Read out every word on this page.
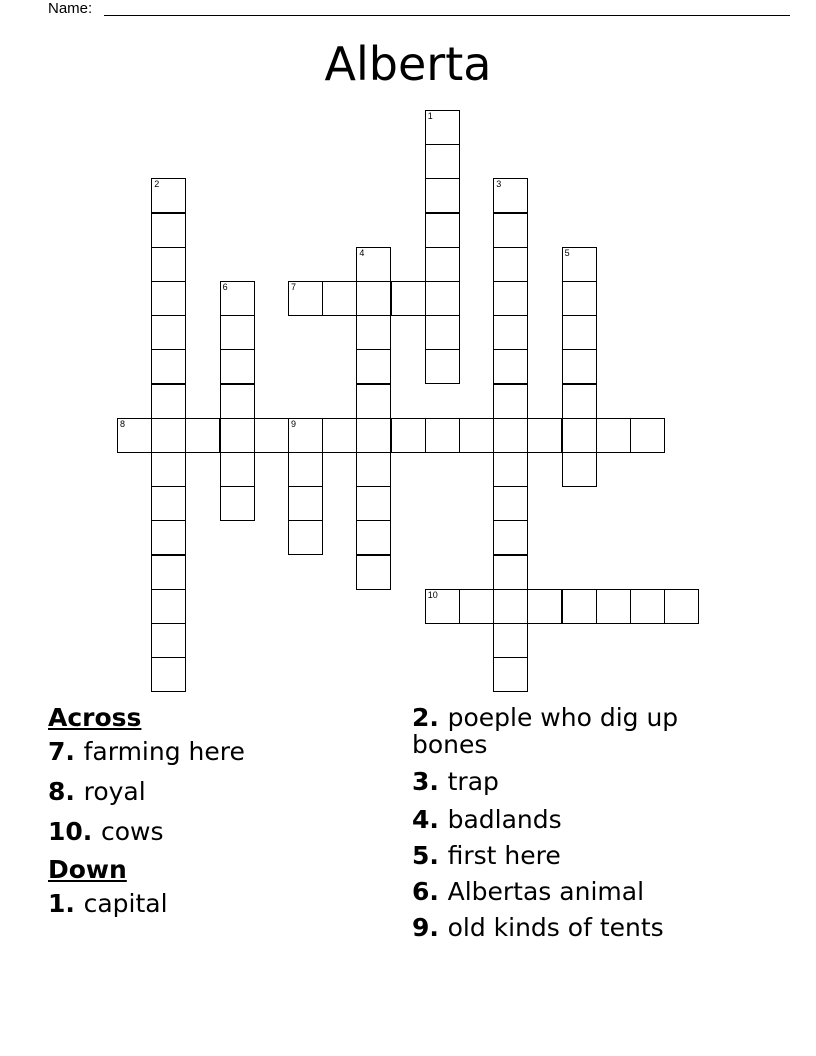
Name:
Alberta
1
2	3
4	5
6	7
8	9
10
Across
7. farming here
8. royal
10. cows
Down
1. capital
2. poeple who dig up bones
3. trap
4. badlands
5. first here
6. Albertas animal
9. old kinds of tents
